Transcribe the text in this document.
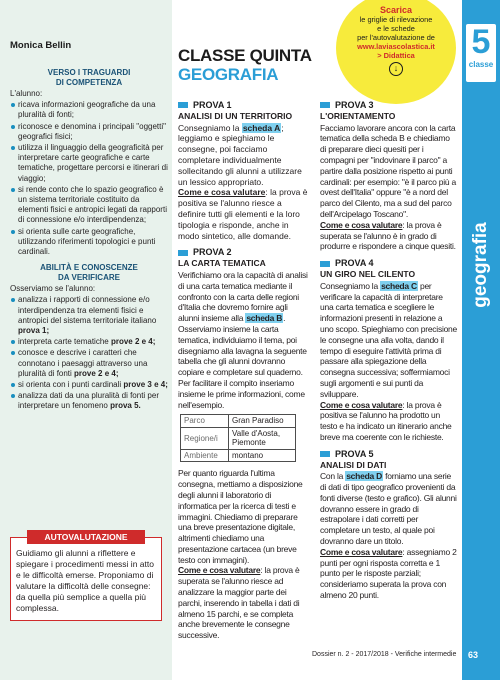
Monica Bellin
VERSO I TRAGUARDI
DI COMPETENZA
L'alunno:
ricava informazioni geografiche da una pluralità di fonti;
riconosce e denomina i principali "oggetti" geografici fisici;
utilizza il linguaggio della geograficità per interpretare carte geografiche e carte tematiche, progettare percorsi e itinerari di viaggio;
si rende conto che lo spazio geografico è un sistema territoriale costituito da elementi fisici e antropici legati da rapporti di connessione e/o interdipendenza;
si orienta sulle carte geografiche, utilizzando riferimenti topologici e punti cardinali.
ABILITÀ E CONOSCENZE
DA VERIFICARE
Osserviamo se l'alunno:
analizza i rapporti di connessione e/o interdipendenza tra elementi fisici e antropici del sistema territoriale italiano prova 1;
interpreta carte tematiche prove 2 e 4;
conosce e descrive i caratteri che connotano i paesaggi attraverso una pluralità di fonti prove 2 e 4;
si orienta con i punti cardinali prove 3 e 4;
analizza dati da una pluralità di fonti per interpretare un fenomeno prova 5.
AUTOVALUTAZIONE
Guidiamo gli alunni a riflettere e spiegare i procedimenti messi in atto e le difficoltà emerse. Proponiamo di valutare la difficoltà delle consegne: da quella più semplice a quella più complessa.
CLASSE QUINTA
GEOGRAFIA
Scarica
le griglie di rilevazione
e le schede
per l'autovalutazione de
www.laviascolastica.it
> Didattica
↓
5
classe
geografia
63
PROVA 1
ANALISI DI UN TERRITORIO
Consegniamo la scheda A; leggiamo e spieghiamo le consegne, poi facciamo completare individualmente sollecitando gli alunni a utilizzare un lessico appropriato.
Come e cosa valutare: la prova è positiva se l'alunno riesce a definire tutti gli elementi e la loro tipologia e risponde, anche in modo sintetico, alle domande.
PROVA 2
LA CARTA TEMATICA
Verifichiamo ora la capacità di analisi di una carta tematica mediante il confronto con la carta delle regioni d'Italia che dovremo fornire agli alunni insieme alla scheda B. Osserviamo insieme la carta tematica, individuiamo il tema, poi disegniamo alla lavagna la seguente tabella che gli alunni dovranno copiare e completare sul quaderno. Per facilitare il compito inseriamo insieme le prime informazioni, come nell'esempio.
Parco	Gran Paradiso
Regione/i	Valle d'Aosta, Piemonte
Ambiente	montano
Per quanto riguarda l'ultima consegna, mettiamo a disposizione degli alunni il laboratorio di informatica per la ricerca di testi e immagini. Chiediamo di preparare una breve presentazione digitale, altrimenti chiediamo una presentazione cartacea (un breve testo con immagini).
Come e cosa valutare: la prova è superata se l'alunno riesce ad analizzare la maggior parte dei parchi, inserendo in tabella i dati di almeno 15 parchi, e se completa anche brevemente le consegne successive.
PROVA 3
L'ORIENTAMENTO
Facciamo lavorare ancora con la carta tematica della scheda B e chiediamo di preparare dieci quesiti per i compagni per "indovinare il parco" a partire dalla posizione rispetto ai punti cardinali: per esempio: "è il parco più a ovest dell'Italia" oppure "è a nord del parco del Cilento, ma a sud del parco dell'Arcipelago Toscano".
Come e cosa valutare: la prova è superata se l'alunno è in grado di produrre e rispondere a cinque quesiti.
PROVA 4
UN GIRO NEL CILENTO
Consegniamo la scheda C per verificare la capacità di interpretare una carta tematica e scegliere le informazioni presenti in relazione a uno scopo. Spieghiamo con precisione le consegne una alla volta, dando il tempo di eseguire l'attività prima di passare alla spiegazione della consegna successiva; soffermiamoci sugli argomenti e sui punti da sviluppare.
Come e cosa valutare: la prova è positiva se l'alunno ha prodotto un testo e ha indicato un itinerario anche breve ma coerente con le richieste.
PROVA 5
ANALISI DI DATI
Con la scheda D forniamo una serie di dati di tipo geografico provenienti da fonti diverse (testo e grafico). Gli alunni dovranno essere in grado di estrapolare i dati corretti per completare un testo, al quale poi dovranno dare un titolo.
Come e cosa valutare: assegniamo 2 punti per ogni risposta corretta e 1 punto per le risposte parziali; consideriamo superata la prova con almeno 20 punti.
Dossier n. 2 - 2017/2018 - Verifiche intermedie
